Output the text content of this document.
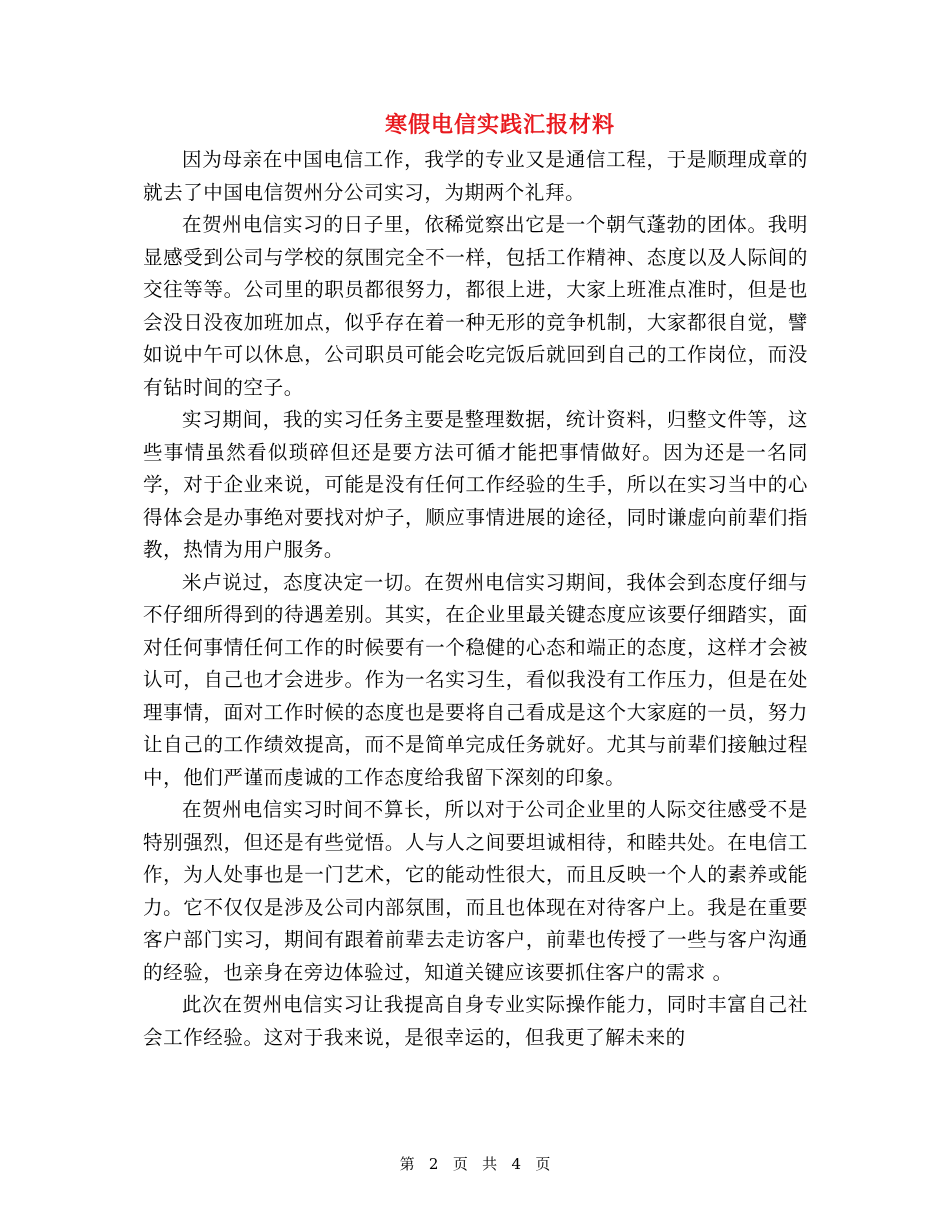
寒假电信实践汇报材料

因为母亲在中国电信工作，我学的专业又是通信工程，于是顺理成章的就去了中国电信贺州分公司实习，为期两个礼拜。

在贺州电信实习的日子里，依稀觉察出它是一个朝气蓬勃的团体。我明显感受到公司与学校的氛围完全不一样，包括工作精神、态度以及人际间的交往等等。公司里的职员都很努力，都很上进，大家上班准点准时，但是也会没日没夜加班加点，似乎存在着一种无形的竞争机制，大家都很自觉，譬如说中午可以休息，公司职员可能会吃完饭后就回到自己的工作岗位，而没有钻时间的空子。

实习期间，我的实习任务主要是整理数据，统计资料，归整文件等，这些事情虽然看似琐碎但还是要方法可循才能把事情做好。因为还是一名同学，对于企业来说，可能是没有任何工作经验的生手，所以在实习当中的心得体会是办事绝对要找对炉子，顺应事情进展的途径，同时谦虚向前辈们指教，热情为用户服务。

米卢说过，态度决定一切。在贺州电信实习期间，我体会到态度仔细与不仔细所得到的待遇差别。其实，在企业里最关键态度应该要仔细踏实，面对任何事情任何工作的时候要有一个稳健的心态和端正的态度，这样才会被认可，自己也才会进步。作为一名实习生，看似我没有工作压力，但是在处理事情，面对工作时候的态度也是要将自己看成是这个大家庭的一员，努力让自己的工作绩效提高，而不是简单完成任务就好。尤其与前辈们接触过程中，他们严谨而虔诚的工作态度给我留下深刻的印象。

在贺州电信实习时间不算长，所以对于公司企业里的人际交往感受不是特别强烈，但还是有些觉悟。人与人之间要坦诚相待，和睦共处。在电信工作，为人处事也是一门艺术，它的能动性很大，而且反映一个人的素养或能力。它不仅仅是涉及公司内部氛围，而且也体现在对待客户上。我是在重要客户部门实习，期间有跟着前辈去走访客户，前辈也传授了一些与客户沟通的经验，也亲身在旁边体验过，知道关键应该要抓住客户的需求 。

此次在贺州电信实习让我提高自身专业实际操作能力，同时丰富自己社会工作经验。这对于我来说，是很幸运的，但我更了解未来的

第 2 页 共 4 页
